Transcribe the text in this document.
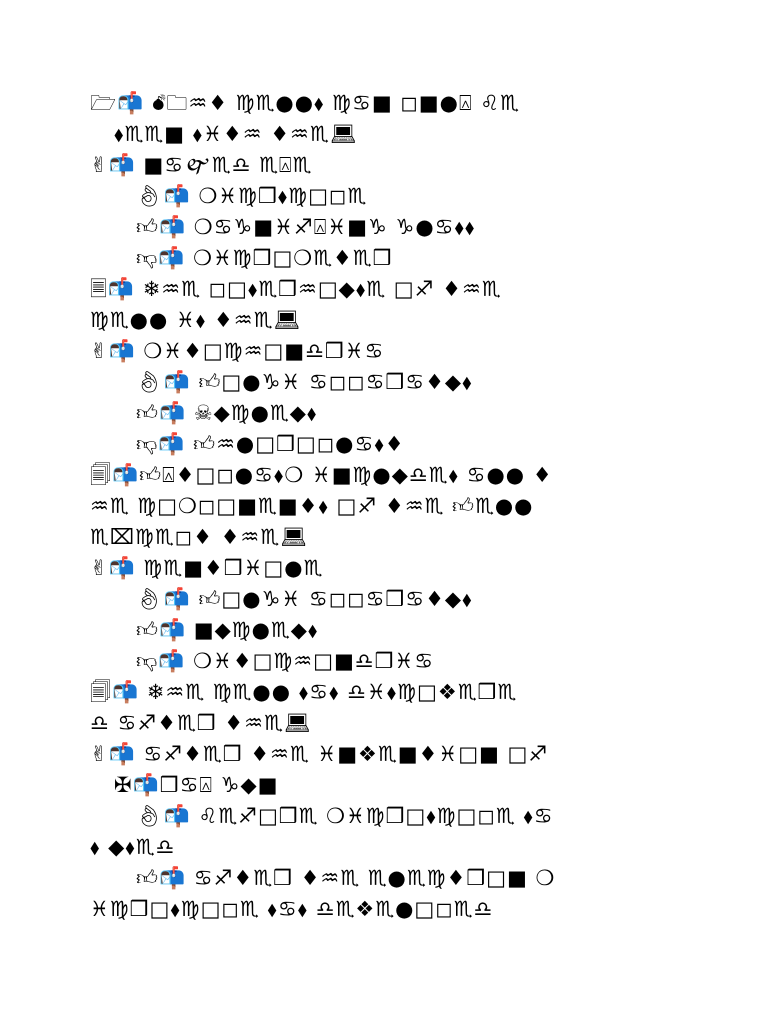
🗁📬 💣︎🗀︎♒︎♦︎ ♍︎♏︎●︎●︎⬧︎ ♍︎♋︎■︎ ◻︎■︎●︎⍓︎ ♌︎♏︎
⬧︎♏︎♏︎■︎ ⬧︎♓︎♦︎♒︎ ♦︎♒︎♏︎💻︎
✌︎📬 ■︎♋︎🙰♏︎♎︎ ♏︎⍓︎♏︎
👌︎📬 ❍︎♓︎♍︎❒︎⬧︎♍︎□︎◻︎♏︎
👍︎📬 ❍︎♋︎♑︎■︎♓︎♐︎⍓︎♓︎■︎♑︎ ♑︎●︎♋︎⬧︎⬧︎
👎︎📬 ❍︎♓︎♍︎❒︎□︎❍︎♏︎♦︎♏︎❒︎
🗏📬 ❄︎♒︎♏︎ ◻︎□︎⬧︎♏︎❒︎♒︎□︎◆︎⬧︎♏︎ □︎♐︎ ♦︎♒︎♏︎
♍︎♏︎●︎● ♓︎⬧︎ ♦︎♒︎♏︎💻︎
✌︎📬 ❍︎♓︎♦︎□︎♍︎♒︎□︎■︎♎︎❒︎♓︎♋︎
👌︎📬 👍︎□︎●︎♑︎♓︎ ♋︎◻︎◻︎♋︎❒︎♋︎♦︎◆︎⬧︎
👍︎📬 ☠︎◆︎♍︎●︎♏︎◆︎⬧︎
👎︎📬 👍︎♒︎●︎□︎❒︎□︎◻︎●︎♋︎⬧︎♦︎
🗐📬👍︎⍓︎♦︎□︎◻︎●︎♋︎⬧︎❍︎ ♓︎■︎♍︎●︎◆︎♎︎♏︎⬧︎ ♋︎●︎● ♦︎
♒︎♏︎ ♍︎□︎❍︎◻︎□︎■︎♏︎■︎♦︎⬧︎ □︎♐︎ ♦︎♒︎♏︎ 👍︎♏︎●︎●︎
♏︎⌧︎♍︎♏︎◻︎♦︎ ♦︎♒︎♏︎💻︎
✌︎📬 ♍︎♏︎■︎♦︎❒︎♓︎□︎●︎♏︎
👌︎📬 👍︎□︎●︎♑︎♓︎ ♋︎◻︎◻︎♋︎❒︎♋︎♦︎◆︎⬧︎
👍︎📬 ■︎◆︎♍︎●︎♏︎◆︎⬧︎
👎︎📬 ❍︎♓︎♦︎□︎♍︎♒︎□︎■︎♎︎❒︎♓︎♋︎
🗐📬 ❄︎♒︎♏︎ ♍︎♏︎●︎● ⬧︎♋︎⬧︎ ♎︎♓︎⬧︎♍︎□︎❖︎♏︎❒︎♏︎
♎︎ ♋︎♐︎♦︎♏︎❒︎ ♦︎♒︎♏︎💻︎
✌︎📬 ♋︎♐︎♦︎♏︎❒︎ ♦︎♒︎♏︎ ♓︎■︎❖︎♏︎■︎♦︎♓︎□︎■︎ □︎♐︎
✠︎📬❒︎♋︎⍓︎ ♑︎◆︎■︎
👌︎📬 ♌︎♏︎♐︎□︎❒︎♏︎ ❍︎♓︎♍︎❒︎□︎⬧︎♍︎□︎◻︎♏︎ ⬧︎♋︎
⬧︎ ◆︎⬧︎♏︎♎︎
👍︎📬 ♋︎♐︎♦︎♏︎❒︎ ♦︎♒︎♏︎ ♏︎●︎♏︎♍︎♦︎❒︎□︎■︎ ❍︎
♓︎♍︎❒︎□︎⬧︎♍︎□︎◻︎♏︎ ⬧︎♋︎⬧︎ ♎︎♏︎❖︎♏︎●︎□︎◻︎♏︎♎︎
